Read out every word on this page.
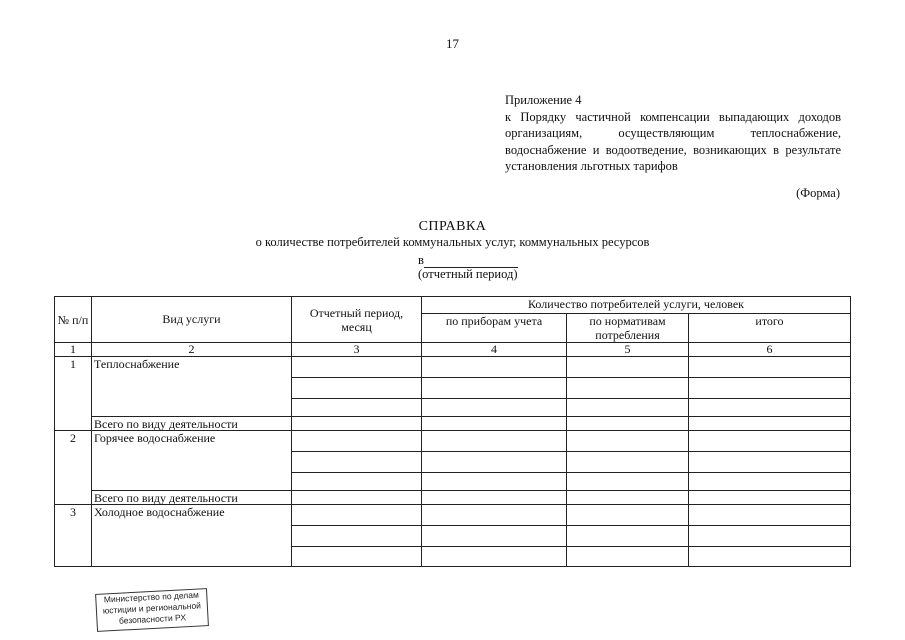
17
Приложение 4
к Порядку частичной компенсации выпадающих доходов организациям, осуществляющим теплоснабжение, водоснабжение и водоотведение, возникающих в результате установления льготных тарифов
(Форма)
СПРАВКА
о количестве потребителей коммунальных услуг, коммунальных ресурсов
в
(отчетный период)
№ п/п	Вид услуги	Отчетный период, месяц	Количество потребителей услуги, человек		
			по приборам учета	по нормативам потребления	итого
1	2	3	4	5	6
1	Теплоснабжение				

	Всего по виду деятельности				
2	Горячее водоснабжение				

	Всего по виду деятельности				
3	Холодное водоснабжение				

Министерство по делам
юстиции и региональной
безопасности РХ
